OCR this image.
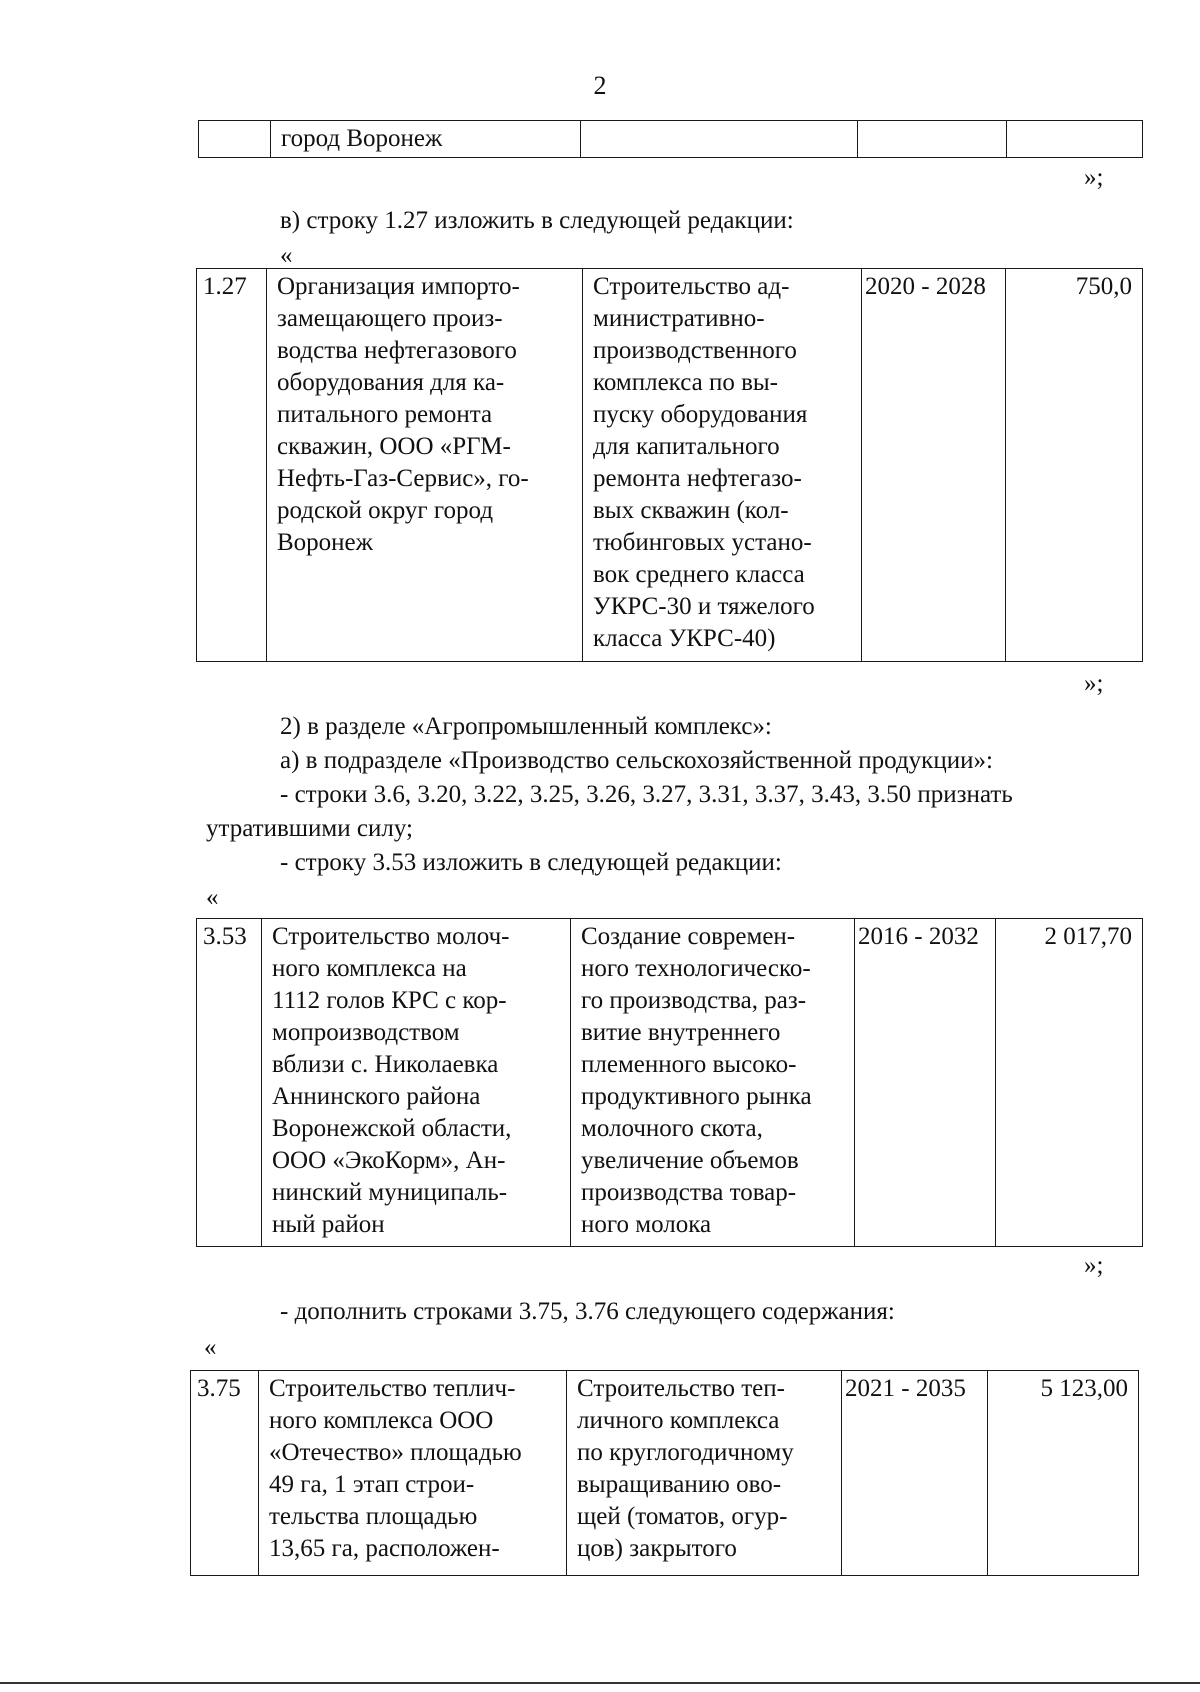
2
	город Воронеж			
»;
в) строку 1.27 изложить в следующей редакции:
«
1.27	Организация импорто-
замещающего произ-
водства нефтегазового
оборудования для ка-
питального ремонта
скважин, ООО «РГМ-
Нефть-Газ-Сервис», го-
родской округ город
Воронеж	Строительство ад-
министративно-
производственного
комплекса по вы-
пуску оборудования
для капитального
ремонта нефтегазо-
вых скважин (кол-
тюбинговых устано-
вок среднего класса
УКРС-30 и тяжелого
класса УКРС-40)	2020 - 2028	750,0
»;
2) в разделе «Агропромышленный комплекс»:
а) в подразделе «Производство сельскохозяйственной продукции»:
- строки 3.6, 3.20, 3.22, 3.25, 3.26, 3.27, 3.31, 3.37, 3.43, 3.50 признать
утратившими силу;
- строку 3.53 изложить в следующей редакции:
«
3.53	Строительство молоч-
ного комплекса на
1112 голов КРС с кор-
мопроизводством
вблизи с. Николаевка
Аннинского района
Воронежской области,
ООО «ЭкоКорм», Ан-
нинский муниципаль-
ный район	Создание современ-
ного технологическо-
го производства, раз-
витие внутреннего
племенного высоко-
продуктивного рынка
молочного скота,
увеличение объемов
производства товар-
ного молока	2016 - 2032	2 017,70
»;
- дополнить строками 3.75, 3.76 следующего содержания:
«
3.75	Строительство теплич-
ного комплекса ООО
«Отечество» площадью
49 га, 1 этап строи-
тельства площадью
13,65 га, расположен-	Строительство теп-
личного комплекса
по круглогодичному
выращиванию ово-
щей (томатов, огур-
цов) закрытого	2021 - 2035	5 123,00
